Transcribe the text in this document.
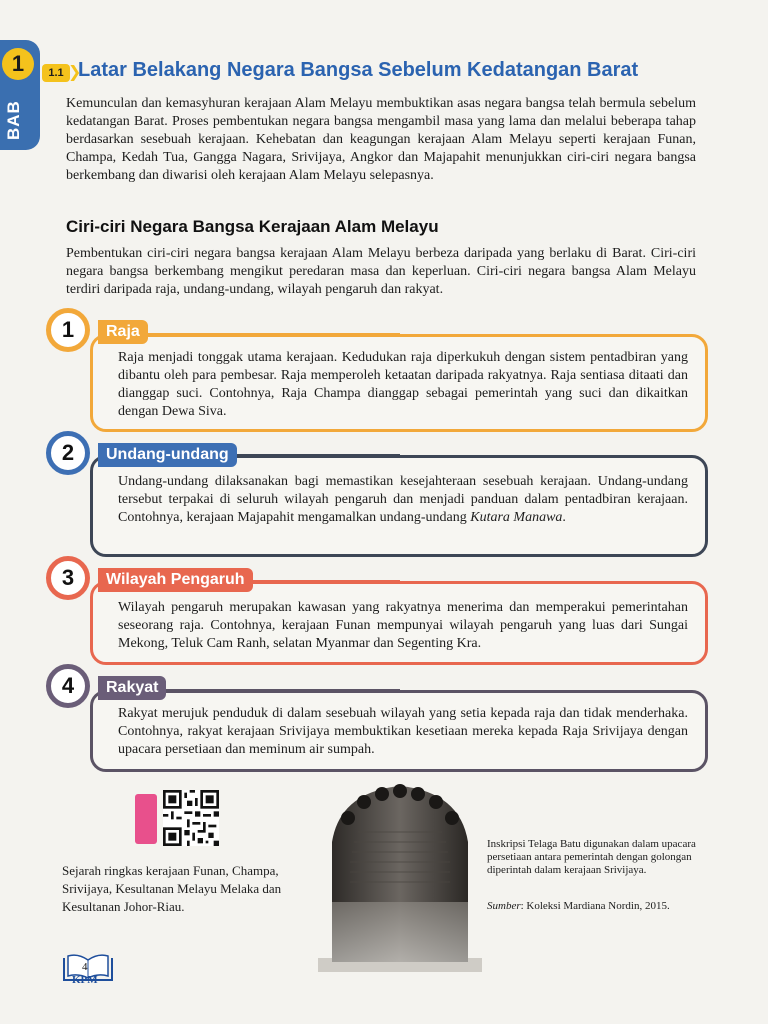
1
BAB
1.1 ❯
Latar Belakang Negara Bangsa Sebelum Kedatangan Barat

Kemunculan dan kemasyhuran kerajaan Alam Melayu membuktikan asas negara bangsa telah bermula sebelum kedatangan Barat. Proses pembentukan negara bangsa mengambil masa yang lama dan melalui beberapa tahap berdasarkan sesebuah kerajaan. Kehebatan dan keagungan kerajaan Alam Melayu seperti kerajaan Funan, Champa, Kedah Tua, Gangga Nagara, Srivijaya, Angkor dan Majapahit menunjukkan ciri-ciri negara bangsa berkembang dan diwarisi oleh kerajaan Alam Melayu selepasnya.

Ciri-ciri Negara Bangsa Kerajaan Alam Melayu

Pembentukan ciri-ciri negara bangsa kerajaan Alam Melayu berbeza daripada yang berlaku di Barat. Ciri-ciri negara bangsa berkembang mengikut peredaran masa dan keperluan. Ciri-ciri negara bangsa Alam Melayu terdiri daripada raja, undang-undang, wilayah pengaruh dan rakyat.

Raja
1
Raja menjadi tonggak utama kerajaan. Kedudukan raja diperkukuh dengan sistem pentadbiran yang dibantu oleh para pembesar. Raja memperoleh ketaatan daripada rakyatnya. Raja sentiasa ditaati dan dianggap suci. Contohnya, Raja Champa dianggap sebagai pemerintah yang suci dan dikaitkan dengan Dewa Siva.
Undang-undang
2
Undang-undang dilaksanakan bagi memastikan kesejahteraan sesebuah kerajaan. Undang-undang tersebut terpakai di seluruh wilayah pengaruh dan menjadi panduan dalam pentadbiran kerajaan. Contohnya, kerajaan Majapahit mengamalkan undang-undang Kutara Manawa.
Wilayah Pengaruh
3
Wilayah pengaruh merupakan kawasan yang rakyatnya menerima dan memperakui pemerintahan seseorang raja. Contohnya, kerajaan Funan mempunyai wilayah pengaruh yang luas dari Sungai Mekong, Teluk Cam Ranh, selatan Myanmar dan Segenting Kra.
Rakyat
4
Rakyat merujuk penduduk di dalam sesebuah wilayah yang setia kepada raja dan tidak menderhaka. Contohnya, rakyat kerajaan Srivijaya membuktikan kesetiaan mereka kepada Raja Srivijaya dengan upacara persetiaan dan meminum air sumpah.

Sejarah ringkas kerajaan Funan, Champa, Srivijaya, Kesultanan Melayu Melaka dan Kesultanan Johor-Riau.

Inskripsi Telaga Batu digunakan dalam upacara persetiaan antara pemerintah dengan golongan diperintah dalam kerajaan Srivijaya.

Sumber: Koleksi Mardiana Nordin, 2015.

4
KPM
